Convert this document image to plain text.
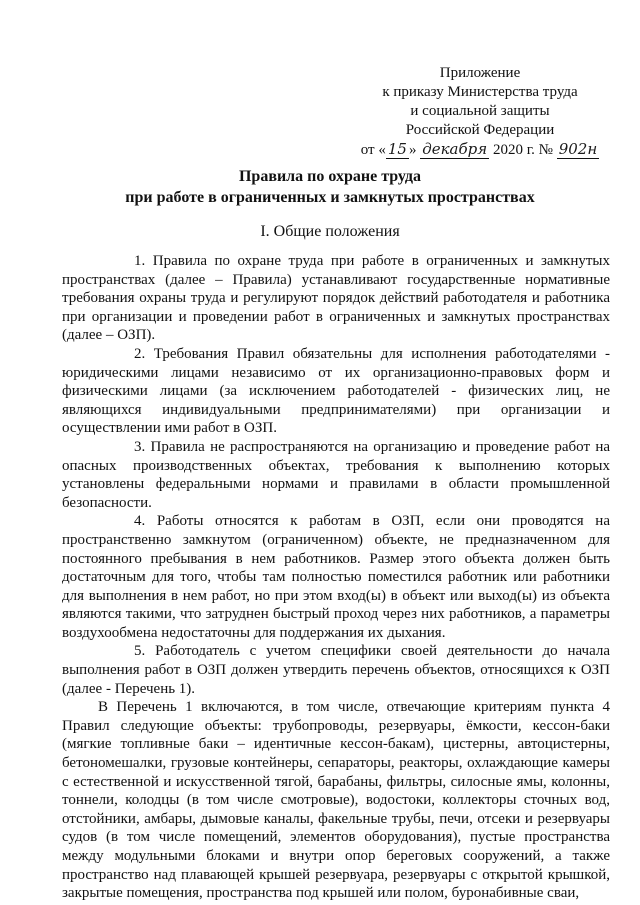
Приложение
к приказу Министерства труда
и социальной защиты
Российской Федерации
от « 15 » декабря 2020 г. № 902н
Правила по охране труда
при работе в ограниченных и замкнутых пространствах
I. Общие положения

1. Правила по охране труда при работе в ограниченных и замкнутых пространствах (далее – Правила) устанавливают государственные нормативные требования охраны труда и регулируют порядок действий работодателя и работника при организации и проведении работ в ограниченных и замкнутых пространствах (далее – ОЗП).

2. Требования Правил обязательны для исполнения работодателями - юридическими лицами независимо от их организационно-правовых форм и физическими лицами (за исключением работодателей - физических лиц, не являющихся индивидуальными предпринимателями) при организации и осуществлении ими работ в ОЗП.

3. Правила не распространяются на организацию и проведение работ на опасных производственных объектах, требования к выполнению которых установлены федеральными нормами и правилами в области промышленной безопасности.

4. Работы относятся к работам в ОЗП, если они проводятся на пространственно замкнутом (ограниченном) объекте, не предназначенном для постоянного пребывания в нем работников. Размер этого объекта должен быть достаточным для того, чтобы там полностью поместился работник или работники для выполнения в нем работ, но при этом вход(ы) в объект или выход(ы) из объекта являются такими, что затруднен быстрый проход через них работников, а параметры воздухообмена недостаточны для поддержания их дыхания.

5. Работодатель с учетом специфики своей деятельности до начала выполнения работ в ОЗП должен утвердить перечень объектов, относящихся к ОЗП (далее - Перечень 1).

В Перечень 1 включаются, в том числе, отвечающие критериям пункта 4 Правил следующие объекты: трубопроводы, резервуары, ёмкости, кессон-баки (мягкие топливные баки – идентичные кессон-бакам), цистерны, автоцистерны, бетономешалки, грузовые контейнеры, сепараторы, реакторы, охлаждающие камеры с естественной и искусственной тягой, барабаны, фильтры, силосные ямы, колонны, тоннели, колодцы (в том числе смотровые), водостоки, коллекторы сточных вод, отстойники, амбары, дымовые каналы, факельные трубы, печи, отсеки и резервуары судов (в том числе помещений, элементов оборудования), пустые пространства между модульными блоками и внутри опор береговых сооружений, а также пространство над плавающей крышей резервуара, резервуары с открытой крышкой, закрытые помещения, пространства под крышей или полом, буронабивные сваи,
